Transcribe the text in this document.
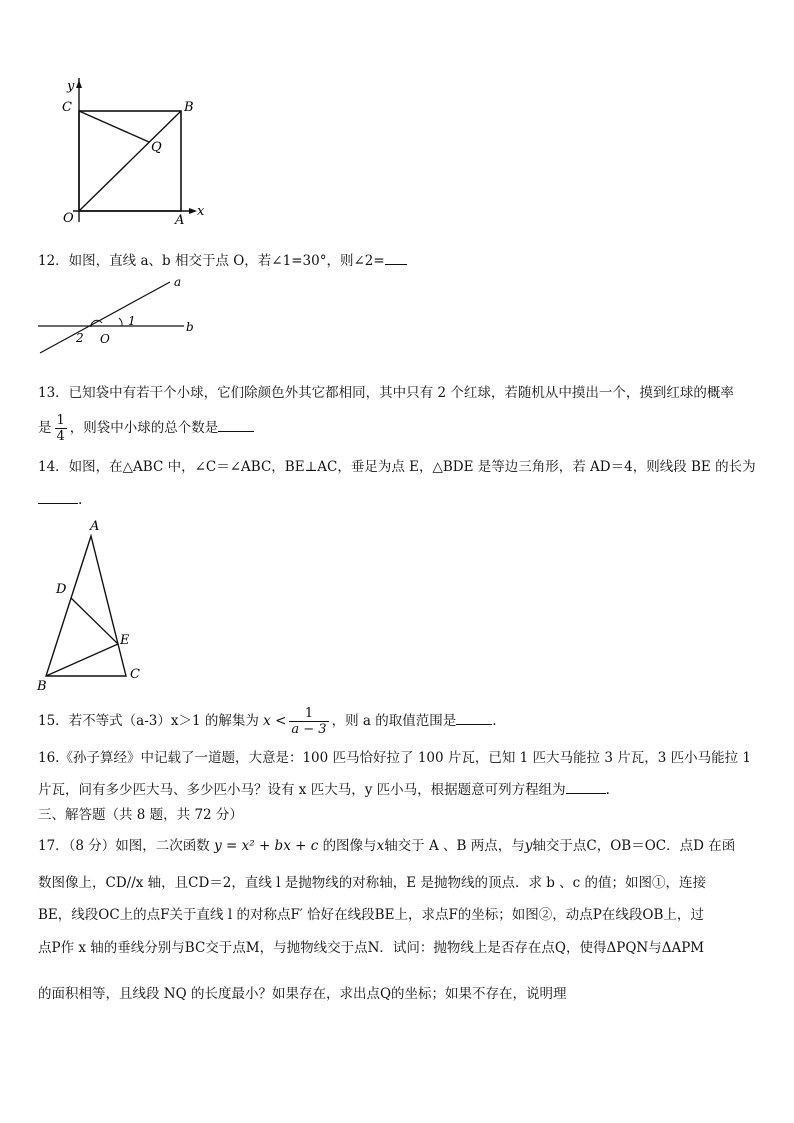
y
C	B
Q
O	A
x
12．如图，直线 a、b 相交于点 O，若∠1=30°，则∠2=
a
b
1
2 O
13．已知袋中有若干个小球，它们除颜色外其它都相同，其中只有 2 个红球，若随机从中摸出一个，摸到红球的概率
是 $\frac{1}{4}$ ，则袋中小球的总个数是
14．如图，在△ABC 中，∠C＝∠ABC，BE⊥AC，垂足为点 E，△BDE 是等边三角形，若 AD＝4，则线段 BE 的长为
.
A
D
E
B
C
15．若不等式（a-3）x＞1 的解集为 $x < \frac{1}{a - 3}$ ，则 a 的取值范围是	.
16.《孙子算经》中记载了一道题，大意是：100 匹马恰好拉了 100 片瓦，已知 1 匹大马能拉 3 片瓦，3 匹小马能拉 1
片瓦，问有多少匹大马、多少匹小马？设有 x 匹大马，y 匹小马，根据题意可列方程组为	.
三、解答题（共 8 题，共 72 分）
17．（8 分）如图，二次函数 y = x² + bx + c 的图像与x轴交于 A 、B 两点，与y轴交于点C，OB＝OC．点D 在函
数图像上，CD//x 轴，且CD＝2，直线 l 是抛物线的对称轴，E 是抛物线的顶点．求 b 、c 的值；如图①，连接
BE，线段OC上的点F关于直线 l 的对称点F′ 恰好在线段BE上，求点F的坐标；如图②，动点P在线段OB上，过
点P作 x 轴的垂线分别与BC交于点M，与抛物线交于点N．试问：抛物线上是否存在点Q，使得ΔPQN与ΔAPM
的面积相等，且线段 NQ 的长度最小？如果存在，求出点Q的坐标；如果不存在，说明理
